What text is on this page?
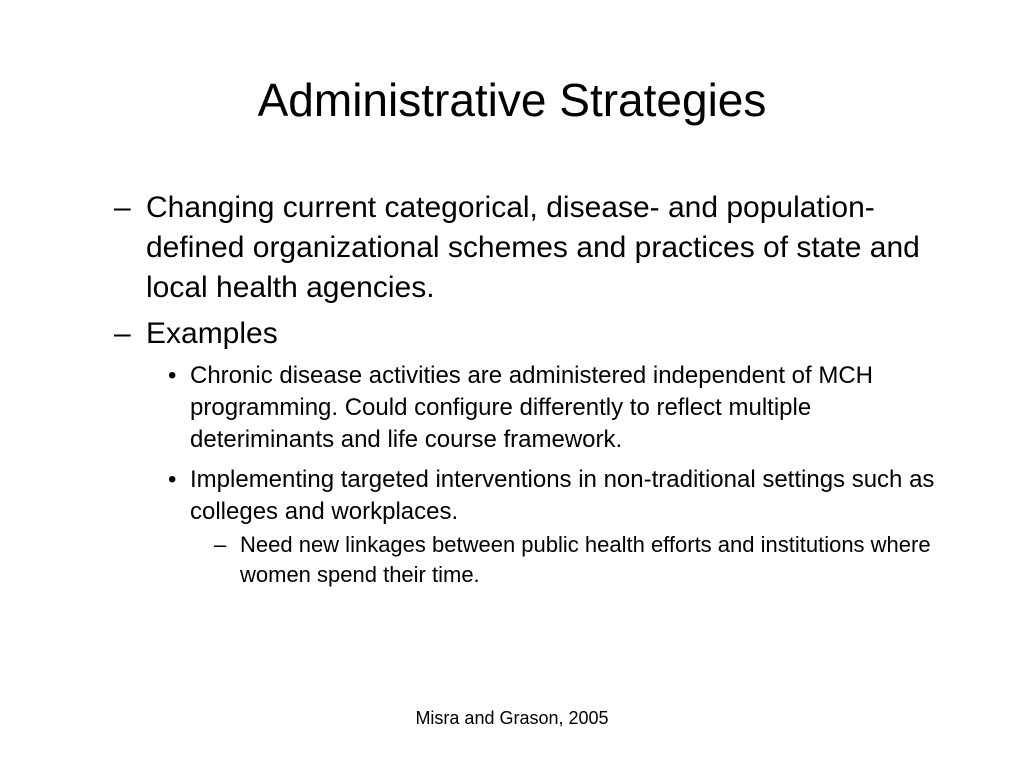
Administrative Strategies
– Changing current categorical, disease- and population-defined organizational schemes and practices of state and local health agencies.
– Examples
• Chronic disease activities are administered independent of MCH programming. Could configure differently to reflect multiple deteriminants and life course framework.
• Implementing targeted interventions in non-traditional settings such as colleges and workplaces.
– Need new linkages between public health efforts and institutions where women spend their time.
Misra and Grason, 2005
